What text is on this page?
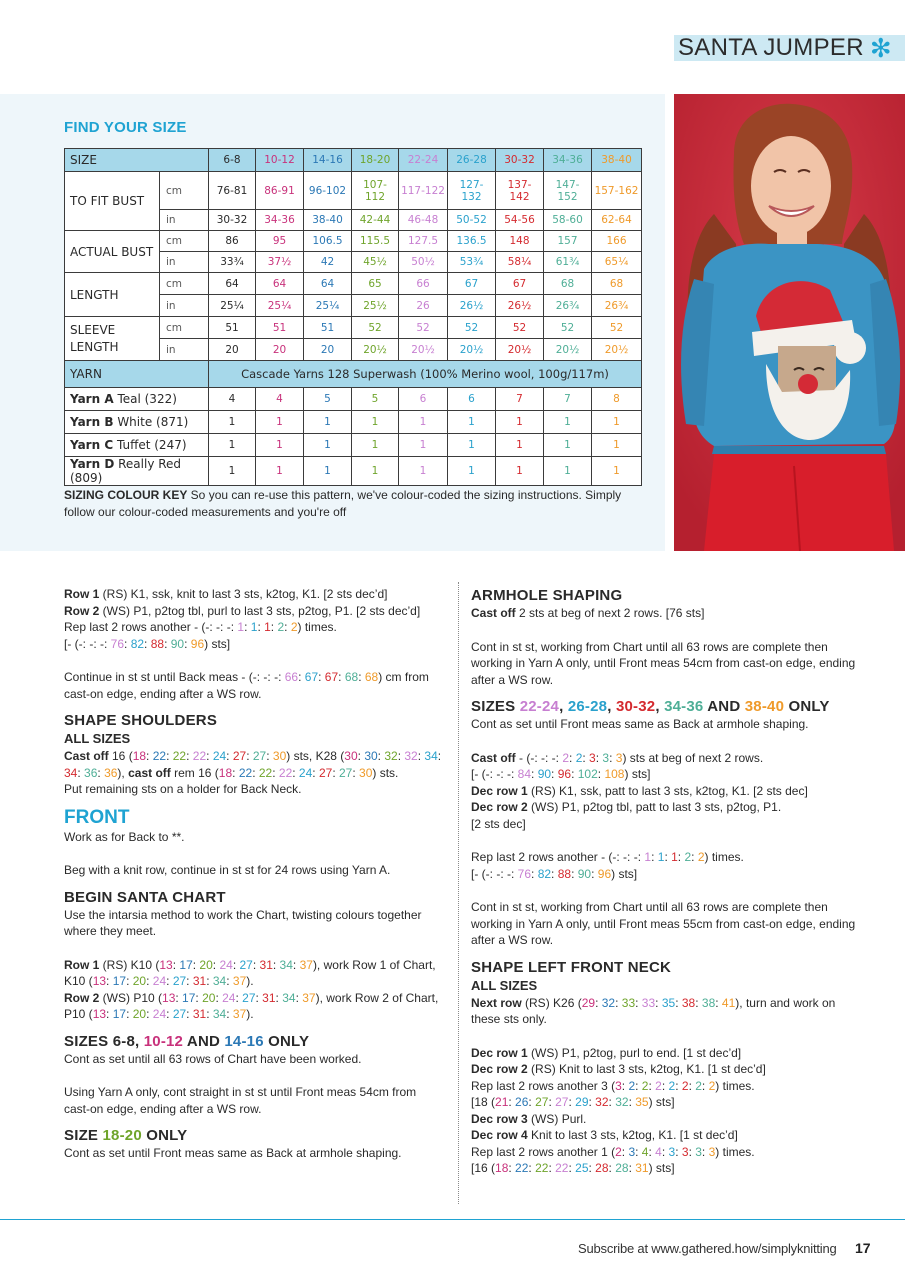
SANTA JUMPER ✻
FIND YOUR SIZE
SIZE		6-8	10-12	14-16	18-20	22-24	26-28	30-32	34-36	38-40
TO FIT BUST	cm	76-81	86-91	96-102	107-112	117-122	127-132	137-142	147-152	157-162
	in	30-32	34-36	38-40	42-44	46-48	50-52	54-56	58-60	62-64
ACTUAL BUST	cm	86	95	106.5	115.5	127.5	136.5	148	157	166
	in	33¾	37½	42	45½	50½	53¾	58¼	61¾	65¼
LENGTH	cm	64	64	64	65	66	67	67	68	68
	in	25¼	25¼	25¼	25½	26	26½	26½	26¾	26¾
SLEEVE LENGTH	cm	51	51	51	52	52	52	52	52	52
	in	20	20	20	20½	20½	20½	20½	20½	20½
YARN		Cascade Yarns 128 Superwash (100% Merino wool, 100g/117m)								
Yarn A Teal (322)		4	4	5	5	6	6	7	7	8
Yarn B White (871)		1	1	1	1	1	1	1	1	1
Yarn C Tuffet (247)		1	1	1	1	1	1	1	1	1
Yarn D Really Red (809)		1	1	1	1	1	1	1	1	1
SIZING COLOUR KEY So you can re-use this pattern, we've colour-coded the sizing instructions. Simply follow our colour-coded measurements and you're off

Row 1 (RS) K1, ssk, knit to last 3 sts, k2tog, K1. [2 sts dec’d]

Row 2 (WS) P1, p2tog tbl, purl to last 3 sts, p2tog, P1. [2 sts dec’d]

Rep last 2 rows another - (-: -: -: 1: 1: 1: 2: 2) times.

[- (-: -: -: 76: 82: 88: 90: 96) sts]

Continue in st st until Back meas - (-: -: -: 66: 67: 67: 68: 68) cm from cast-on edge, ending after a WS row.

SHAPE SHOULDERS
ALL SIZES

Cast off 16 (18: 22: 22: 22: 24: 27: 27: 30) sts, K28 (30: 30: 32: 32: 34: 34: 36: 36), cast off rem 16 (18: 22: 22: 22: 24: 27: 27: 30) sts.
Put remaining sts on a holder for Back Neck.

FRONT

Work as for Back to **.

Beg with a knit row, continue in st st for 24 rows using Yarn A.

BEGIN SANTA CHART

Use the intarsia method to work the Chart, twisting colours together where they meet.

Row 1 (RS) K10 (13: 17: 20: 24: 27: 31: 34: 37), work Row 1 of Chart, K10 (13: 17: 20: 24: 27: 31: 34: 37).

Row 2 (WS) P10 (13: 17: 20: 24: 27: 31: 34: 37), work Row 2 of Chart, P10 (13: 17: 20: 24: 27: 31: 34: 37).

SIZES 6-8, 10-12 AND 14-16 ONLY

Cont as set until all 63 rows of Chart have been worked.

Using Yarn A only, cont straight in st st until Front meas 54cm from cast-on edge, ending after a WS row.

SIZE 18-20 ONLY

Cont as set until Front meas same as Back at armhole shaping.

ARMHOLE SHAPING

Cast off 2 sts at beg of next 2 rows. [76 sts]

Cont in st st, working from Chart until all 63 rows are complete then working in Yarn A only, until Front meas 54cm from cast-on edge, ending after a WS row.

SIZES 22-24, 26-28, 30-32, 34-36 AND 38-40 ONLY

Cont as set until Front meas same as Back at armhole shaping.

Cast off - (-: -: -: 2: 2: 3: 3: 3) sts at beg of next 2 rows.

[- (-: -: -: 84: 90: 96: 102: 108) sts]

Dec row 1 (RS) K1, ssk, patt to last 3 sts, k2tog, K1. [2 sts dec]

Dec row 2 (WS) P1, p2tog tbl, patt to last 3 sts, p2tog, P1.
[2 sts dec]

Rep last 2 rows another - (-: -: -: 1: 1: 1: 2: 2) times.

[- (-: -: -: 76: 82: 88: 90: 96) sts]

Cont in st st, working from Chart until all 63 rows are complete then working in Yarn A only, until Front meas 55cm from cast-on edge, ending after a WS row.

SHAPE LEFT FRONT NECK
ALL SIZES

Next row (RS) K26 (29: 32: 33: 33: 35: 38: 38: 41), turn and work on these sts only.

Dec row 1 (WS) P1, p2tog, purl to end. [1 st dec’d]

Dec row 2 (RS) Knit to last 3 sts, k2tog, K1. [1 st dec’d]

Rep last 2 rows another 3 (3: 2: 2: 2: 2: 2: 2: 2) times.

[18 (21: 26: 27: 27: 29: 32: 32: 35) sts]

Dec row 3 (WS) Purl.

Dec row 4 Knit to last 3 sts, k2tog, K1. [1 st dec’d]

Rep last 2 rows another 1 (2: 3: 4: 4: 3: 3: 3: 3) times.

[16 (18: 22: 22: 22: 25: 28: 28: 31) sts]

Subscribe at www.gathered.how/simplyknitting 17
